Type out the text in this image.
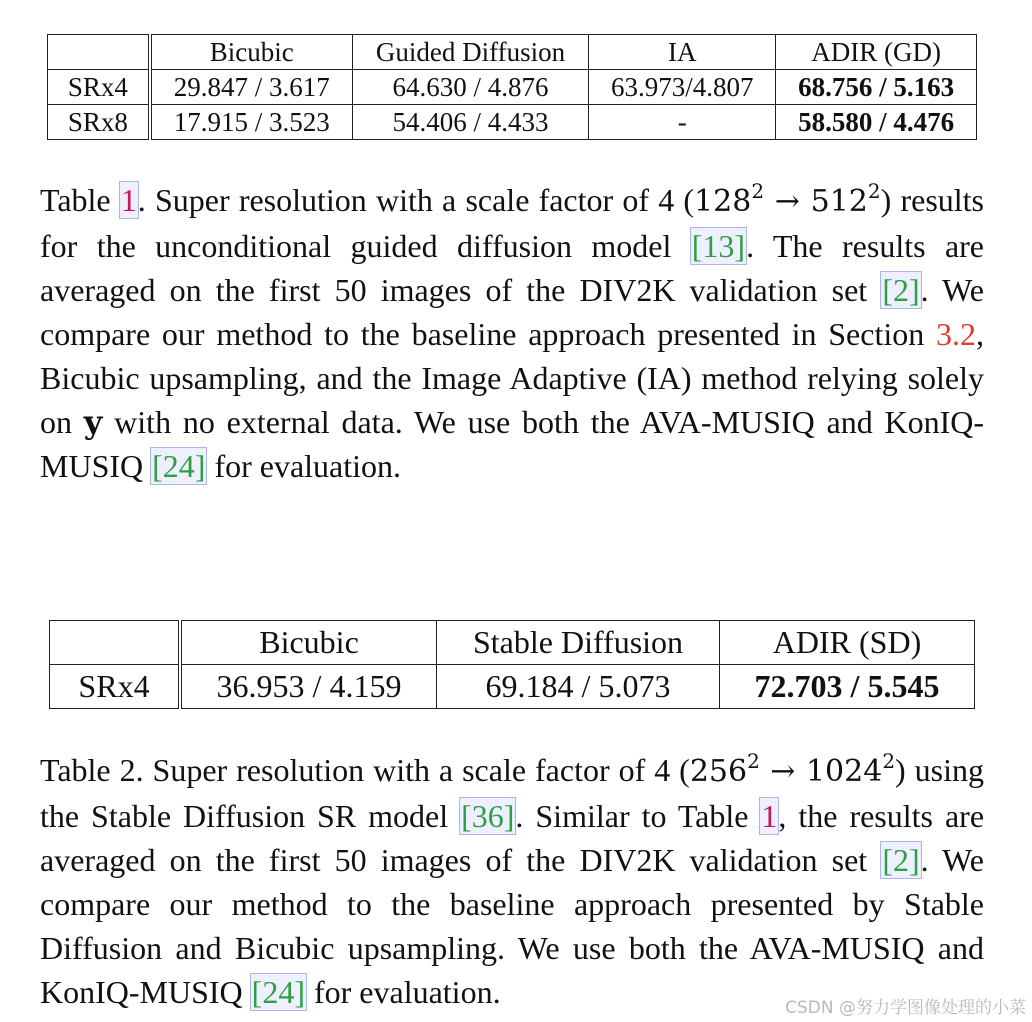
	Bicubic	Guided Diffusion	IA	ADIR (GD)
SRx4	29.847 / 3.617	64.630 / 4.876	63.973/4.807	68.756 / 5.163
SRx8	17.915 / 3.523	54.406 / 4.433	-	58.580 / 4.476

Table 1. Super resolution with a scale factor of 4 $(128^2 \to 512^2)$ results for the unconditional guided diffusion model [13]. The results are averaged on the first 50 images of the DIV2K validation set [2]. We compare our method to the baseline approach presented in Section 3.2, Bicubic upsampling, and the Image Adaptive (IA) method relying solely on y with no external data. We use both the AVA-MUSIQ and KonIQ-MUSIQ [24] for evaluation.

	Bicubic	Stable Diffusion	ADIR (SD)
SRx4	36.953 / 4.159	69.184 / 5.073	72.703 / 5.545

Table 2. Super resolution with a scale factor of 4 $(256^2 \to 1024^2)$ using the Stable Diffusion SR model [36]. Similar to Table 1, the results are averaged on the first 50 images of the DIV2K validation set [2]. We compare our method to the baseline approach presented by Stable Diffusion and Bicubic upsampling. We use both the AVA-MUSIQ and KonIQ-MUSIQ [24] for evaluation.	CSDN @努力学图像处理的小菜
